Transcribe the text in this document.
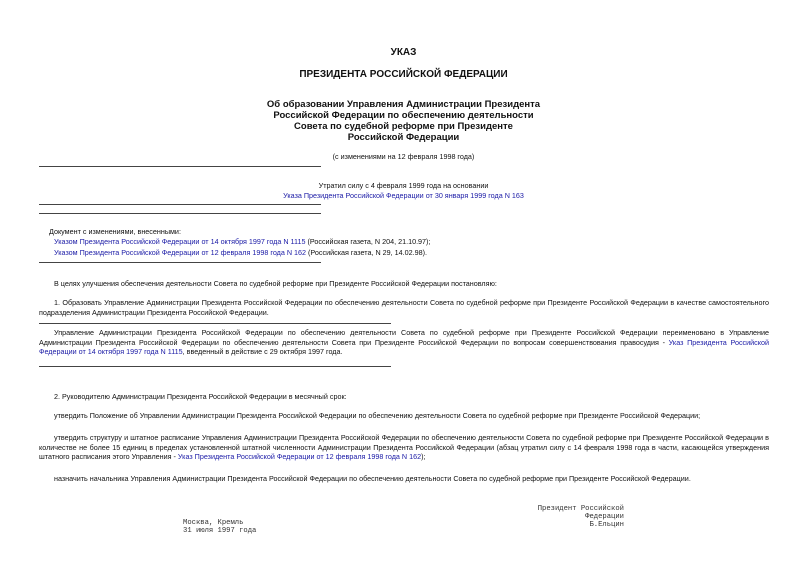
УКАЗ
ПРЕЗИДЕНТА РОССИЙСКОЙ ФЕДЕРАЦИИ
Об образовании Управления Администрации Президента
Российской Федерации по обеспечению деятельности
Совета по судебной реформе при Президенте
Российской Федерации
(с изменениями на 12 февраля 1998 года)
Утратил силу с 4 февраля 1999 года на основании
Указа Президента Российской Федерации от 30 января 1999 года N 163
Документ с изменениями, внесенными:
Указом Президента Российской Федерации от 14 октября 1997 года N 1115 (Российская газета, N 204, 21.10.97);
Указом Президента Российской Федерации от 12 февраля 1998 года N 162 (Российская газета, N 29, 14.02.98).
В целях улучшения обеспечения деятельности Совета по судебной реформе при Президенте Российской Федерации постановляю:
1. Образовать Управление Администрации Президента Российской Федерации по обеспечению деятельности Совета по судебной реформе при Президенте Российской Федерации в качестве самостоятельного подразделения Администрации Президента Российской Федерации.
Управление Администрации Президента Российской Федерации по обеспечению деятельности Совета по судебной реформе при Президенте Российской Федерации переименовано в Управление Администрации Президента Российской Федерации по обеспечению деятельности Совета при Президенте Российской Федерации по вопросам совершенствования правосудия - Указ Президента Российской Федерации от 14 октября 1997 года N 1115, введенный в действие с 29 октября 1997 года.
2. Руководителю Администрации Президента Российской Федерации в месячный срок:
утвердить Положение об Управлении Администрации Президента Российской Федерации по обеспечению деятельности Совета по судебной реформе при Президенте Российской Федерации;
утвердить структуру и штатное расписание Управления Администрации Президента Российской Федерации по обеспечению деятельности Совета по судебной реформе при Президенте Российской Федерации в количестве не более 15 единиц в пределах установленной штатной численности Администрации Президента Российской Федерации (абзац утратил силу с 14 февраля 1998 года в части, касающейся утверждения штатного расписания этого Управления - Указ Президента Российской Федерации от 12 февраля 1998 года N 162);
назначить начальника Управления Администрации Президента Российской Федерации по обеспечению деятельности Совета по судебной реформе при Президенте Российской Федерации.
Президент Российской Федерации
Б.Ельцин
Москва, Кремль
31 июля 1997 года
